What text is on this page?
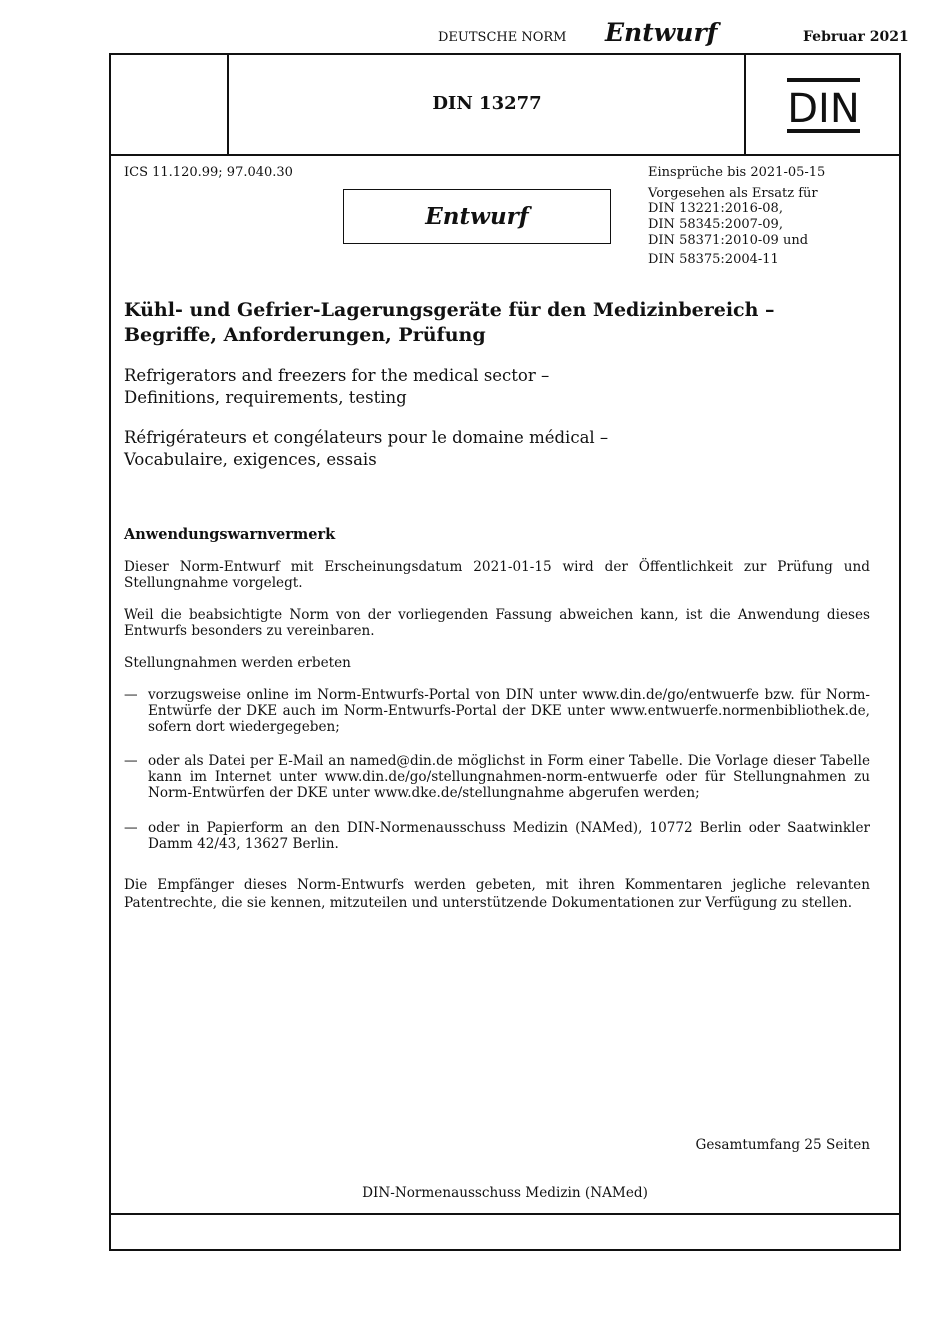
DEUTSCHE NORM Entwurf	Februar 2021
DIN 13277	DIN
ICS 11.120.99; 97.040.30	Einsprüche bis 2021-05-15
Vorgesehen als Ersatz für
DIN 13221:2016-08,
DIN 58345:2007-09,
DIN 58371:2010-09 und
DIN 58375:2004-11
Entwurf
Kühl- und Gefrier-Lagerungsgeräte für den Medizinbereich –
Begriffe, Anforderungen, Prüfung
Refrigerators and freezers for the medical sector –
Definitions, requirements, testing
Réfrigérateurs et congélateurs pour le domaine médical –
Vocabulaire, exigences, essais
Anwendungswarnvermerk
Dieser Norm-Entwurf mit Erscheinungsdatum 2021-01-15 wird der Öffentlichkeit zur Prüfung und Stellungnahme vorgelegt.
Weil die beabsichtigte Norm von der vorliegenden Fassung abweichen kann, ist die Anwendung dieses Entwurfs besonders zu vereinbaren.
Stellungnahmen werden erbeten
— vorzugsweise online im Norm-Entwurfs-Portal von DIN unter www.din.de/go/entwuerfe bzw. für Norm-Entwürfe der DKE auch im Norm-Entwurfs-Portal der DKE unter www.entwuerfe.normenbibliothek.de, sofern dort wiedergegeben;
— oder als Datei per E-Mail an named@din.de möglichst in Form einer Tabelle. Die Vorlage dieser Tabelle kann im Internet unter www.din.de/go/stellungnahmen-norm-entwuerfe oder für Stellungnahmen zu Norm-Entwürfen der DKE unter www.dke.de/stellungnahme abgerufen werden;
— oder in Papierform an den DIN-Normenausschuss Medizin (NAMed), 10772 Berlin oder Saatwinkler Damm 42/43, 13627 Berlin.
Die Empfänger dieses Norm-Entwurfs werden gebeten, mit ihren Kommentaren jegliche relevanten Patentrechte, die sie kennen, mitzuteilen und unterstützende Dokumentationen zur Verfügung zu stellen.
Gesamtumfang 25 Seiten
DIN-Normenausschuss Medizin (NAMed)
